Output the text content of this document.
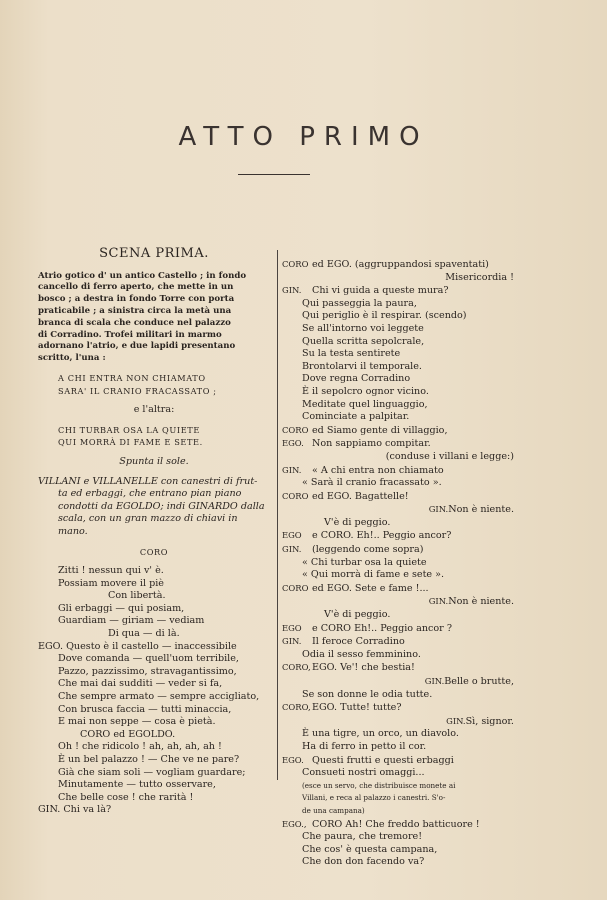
ATTO PRIMO
SCENA PRIMA.
Atrio gotico d' un antico Castello ; in fondo
cancello di ferro aperto, che mette in un
bosco ; a destra in fondo Torre con porta
praticabile ; a sinistra circa la metà una
branca di scala che conduce nel palazzo
di Corradino. Trofei militari in marmo
adornano l'atrio, e due lapidi presentano
scritto, l'una :
A CHI ENTRA NON CHIAMATO
SARA' IL CRANIO FRACASSATO ;
e l'altra:
CHI TURBAR OSA LA QUIETE
QUI MORRÀ DI FAME E SETE.
Spunta il sole.
VILLANI e VILLANELLE con canestri di frut-
ta ed erbaggi, che entrano pian piano
condotti da EGOLDO; indi GINARDO dalla
scala, con un gran mazzo di chiavi in
mano.
CORO
Zitti ! nessun qui v' è.
Possiam movere il piè
Con libertà.
Gli erbaggi — qui posiam,
Guardiam — giriam — vediam
Di qua — di là.
EGO. Questo è il castello — inaccessibile
Dove comanda — quell'uom terribile,
Pazzo, pazzissimo, stravagantissimo,
Che mai dai sudditi — veder si fa,
Che sempre armato — sempre accigliato,
Con brusca faccia — tutti minaccia,
E mai non seppe — cosa è pietà.
CORO ed EGOLDO.
Oh ! che ridicolo ! ah, ah, ah, ah !
È un bel palazzo ! — Che ve ne pare?
Già che siam soli — vogliam guardare;
Minutamente — tutto osservare,
Che belle cose ! che rarità !
GIN. Chi va là?
CORO ed EGO. (aggruppandosi spaventati)
Misericordia !
GIN. Chi vi guida a queste mura?
Qui passeggia la paura,
Qui periglio è il respirar. (scendo)
Se all'intorno voi leggete
Quella scritta sepolcrale,
Su la testa sentirete
Brontolarvi il temporale.
Dove regna Corradino
È il sepolcro ognor vicino.
Meditate quel linguaggio,
Cominciate a palpitar.
CORO ed Siamo gente di villaggio,
EGO. Non sappiamo compitar.
(conduse i villani e legge:)
GIN. « A chi entra non chiamato
« Sarà il cranio fracassato ».
CORO ed EGO. Bagattelle!
GIN.Non è niente.
V'è di peggio.
EGO e CORO. Eh!.. Peggio ancor?
GIN. (leggendo come sopra)
« Chi turbar osa la quiete
« Qui morrà di fame e sete ».
CORO ed EGO. Sete e fame !...
GIN.Non è niente.
V'è di peggio.
EGO e CORO Eh!.. Peggio ancor ?
GIN. Il feroce Corradino
Odia il sesso femminino.
CORO,EGO. Ve'! che bestia!
GIN.Belle o brutte,
Se son donne le odia tutte.
CORO,EGO. Tutte! tutte?
GIN.Sì, signor.
È una tigre, un orco, un diavolo.
Ha di ferro in petto il cor.
EGO. Questi frutti e questi erbaggi
Consueti nostri omaggi...
(escе un servo, che distribuisce monete ai
Villani, e reca al palazzo i canestri. S'o-
de una campana)
EGO., CORO Ah! Che freddo batticuore !
Che paura, che tremore!
Che cos' è questa campana,
Che don don facendo va?
